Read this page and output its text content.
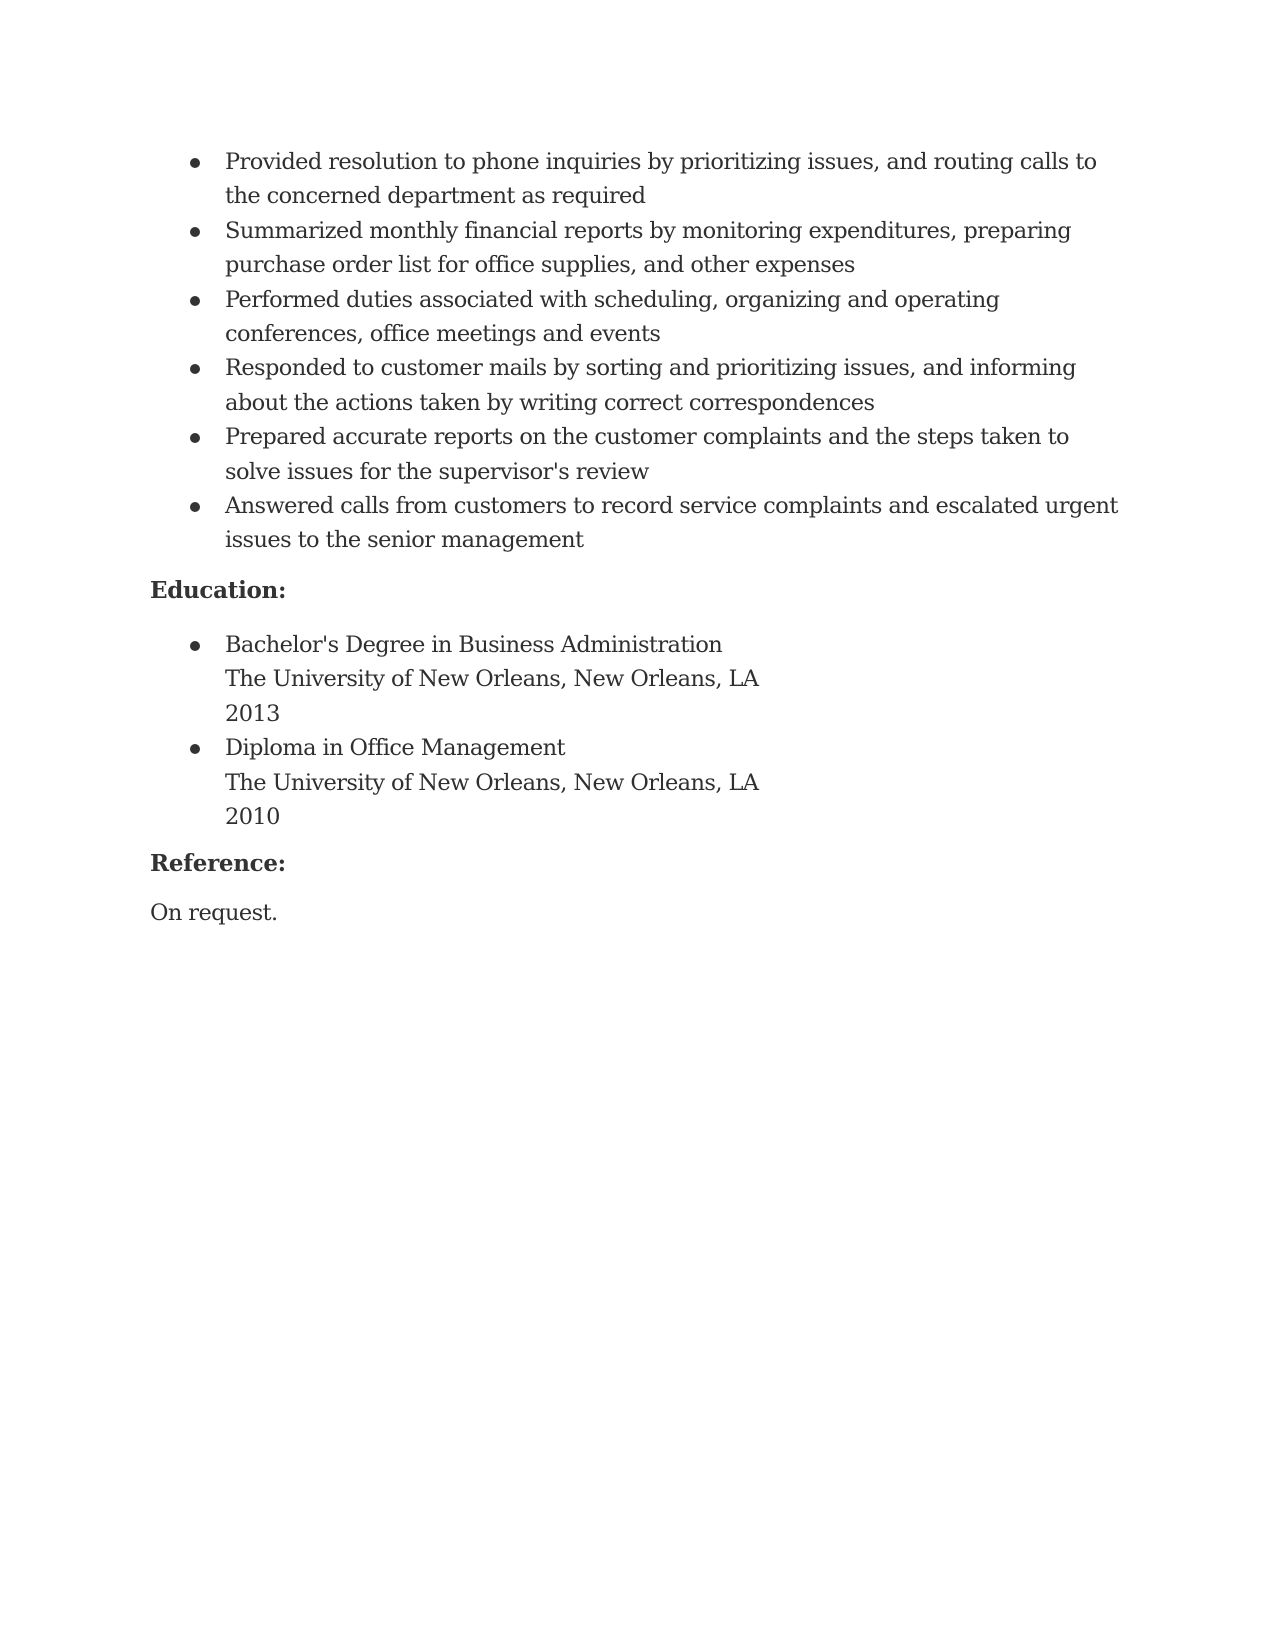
Provided resolution to phone inquiries by prioritizing issues, and routing calls to the concerned department as required
Summarized monthly financial reports by monitoring expenditures, preparing purchase order list for office supplies, and other expenses
Performed duties associated with scheduling, organizing and operating conferences, office meetings and events
Responded to customer mails by sorting and prioritizing issues, and informing about the actions taken by writing correct correspondences
Prepared accurate reports on the customer complaints and the steps taken to solve issues for the supervisor's review
Answered calls from customers to record service complaints and escalated urgent issues to the senior management
Education:
Bachelor's Degree in Business Administration
The University of New Orleans, New Orleans, LA
2013
Diploma in Office Management
The University of New Orleans, New Orleans, LA
2010
Reference:
On request.
